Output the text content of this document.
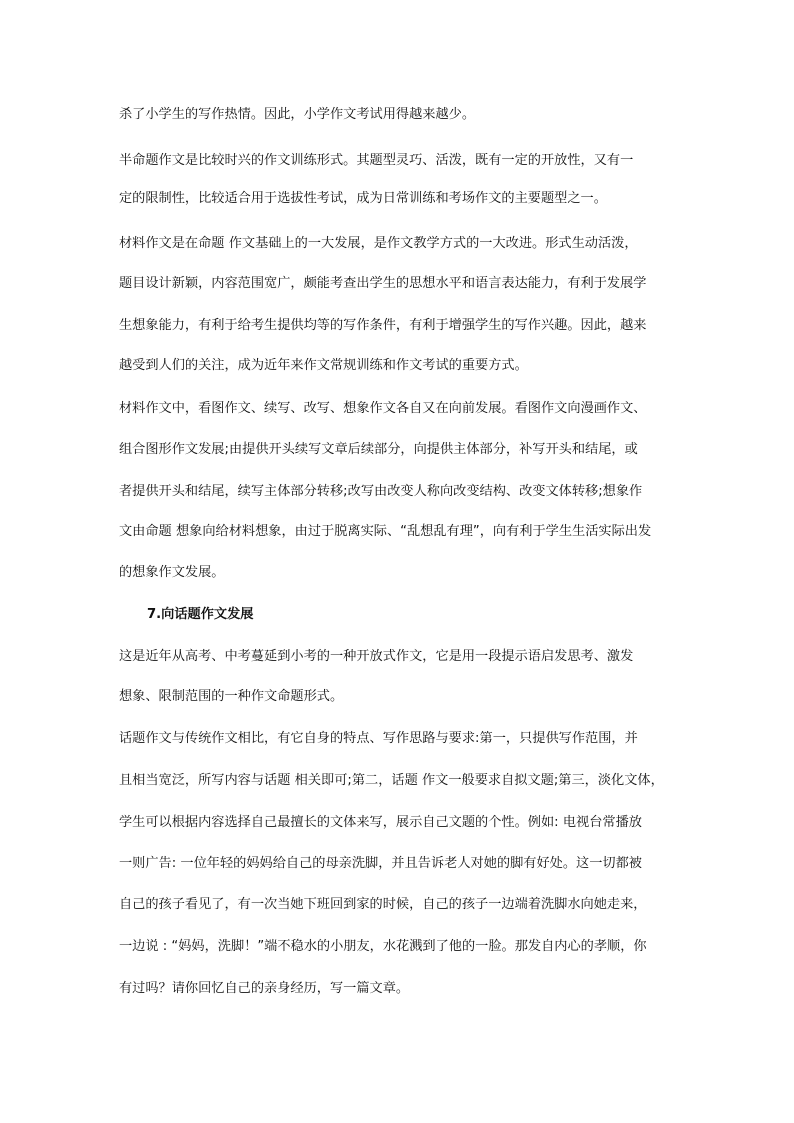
杀了小学生的写作热情。因此，小学作文考试用得越来越少。
半命题作文是比较时兴的作文训练形式。其题型灵巧、活泼，既有一定的开放性，又有一
定的限制性，比较适合用于选拔性考试，成为日常训练和考场作文的主要题型之一。
材料作文是在命题 作文基础上的一大发展，是作文教学方式的一大改进。形式生动活泼，
题目设计新颖，内容范围宽广，颇能考查出学生的思想水平和语言表达能力，有利于发展学
生想象能力，有利于给考生提供均等的写作条件，有利于增强学生的写作兴趣。因此，越来
越受到人们的关注，成为近年来作文常规训练和作文考试的重要方式。
材料作文中，看图作文、续写、改写、想象作文各自又在向前发展。看图作文向漫画作文、
组合图形作文发展;由提供开头续写文章后续部分，向提供主体部分，补写开头和结尾，或
者提供开头和结尾，续写主体部分转移;改写由改变人称向改变结构、改变文体转移;想象作
文由命题 想象向给材料想象，由过于脱离实际、“乱想乱有理”，向有利于学生生活实际出发
的想象作文发展。
7.向话题作文发展
这是近年从高考、中考蔓延到小考的一种开放式作文，它是用一段提示语启发思考、激发
想象、限制范围的一种作文命题形式。
话题作文与传统作文相比，有它自身的特点、写作思路与要求:第一，只提供写作范围，并
且相当宽泛，所写内容与话题 相关即可;第二，话题 作文一般要求自拟文题;第三，淡化文体，
学生可以根据内容选择自己最擅长的文体来写，展示自己文题的个性。例如: 电视台常播放
一则广告: 一位年轻的妈妈给自己的母亲洗脚，并且告诉老人对她的脚有好处。这一切都被
自己的孩子看见了，有一次当她下班回到家的时候，自己的孩子一边端着洗脚水向她走来，
一边说 : “妈妈，洗脚！”端不稳水的小朋友，水花溅到了他的一脸。那发自内心的孝顺，你
有过吗？请你回忆自己的亲身经历，写一篇文章。
